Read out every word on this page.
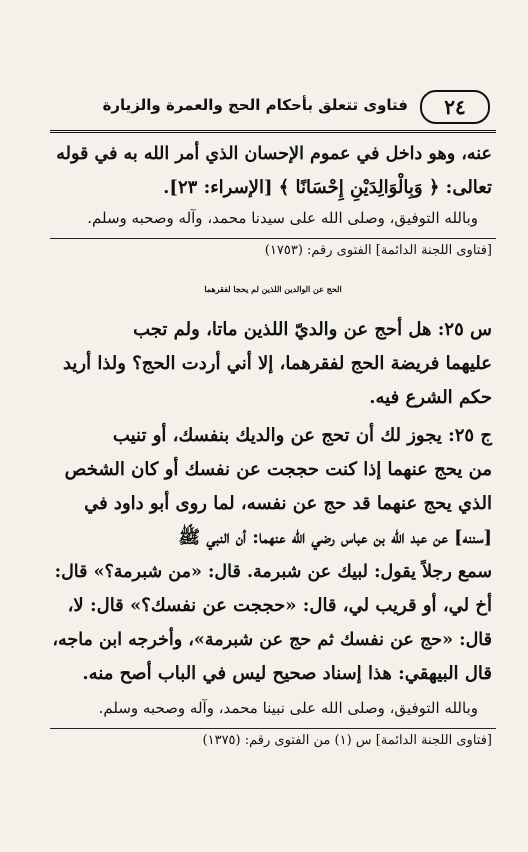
٢٤
فتاوى تتعلق بأحكام الحج والعمرة والزيارة
عنه، وهو داخل في عموم الإحسان الذي أمر الله به في قوله
تعالى: ﴿ وَبِالْوَالِدَيْنِ إِحْسَانًا ﴾ [الإسراء: ٢٣].
وبالله التوفيق، وصلى الله على سيدنا محمد، وآله وصحبه وسلم.
[فتاوى اللجنة الدائمة] الفتوى رقم: (١٧٥٣)
الحج عن الوالدين اللذين لم يحجا لفقرهما
س ٢٥: هل أحج عن والديّ اللذين ماتا، ولم تجب
عليهما فريضة الحج لفقرهما، إلا أني أردت الحج؟ ولذا أريد
حكم الشرع فيه.
ج ٢٥: يجوز لك أن تحج عن والديك بنفسك، أو تنيب
من يحج عنهما إذا كنت حججت عن نفسك أو كان الشخص
الذي يحج عنهما قد حج عن نفسه، لما روى أبو داود في
[سننه] عن عبد الله بن عباس رضي الله عنهما: أن النبي ﷺ
سمع رجلاً يقول: لبيك عن شبرمة. قال: «من شبرمة؟» قال:
أخ لي، أو قريب لي، قال: «حججت عن نفسك؟» قال: لا،
قال: «حج عن نفسك ثم حج عن شبرمة»، وأخرجه ابن ماجه،
قال البيهقي: هذا إسناد صحيح ليس في الباب أصح منه.
وبالله التوفيق، وصلى الله على نبينا محمد، وآله وصحبه وسلم.
[فتاوى اللجنة الدائمة] س (١) من الفتوى رقم: (١٣٧٥)
